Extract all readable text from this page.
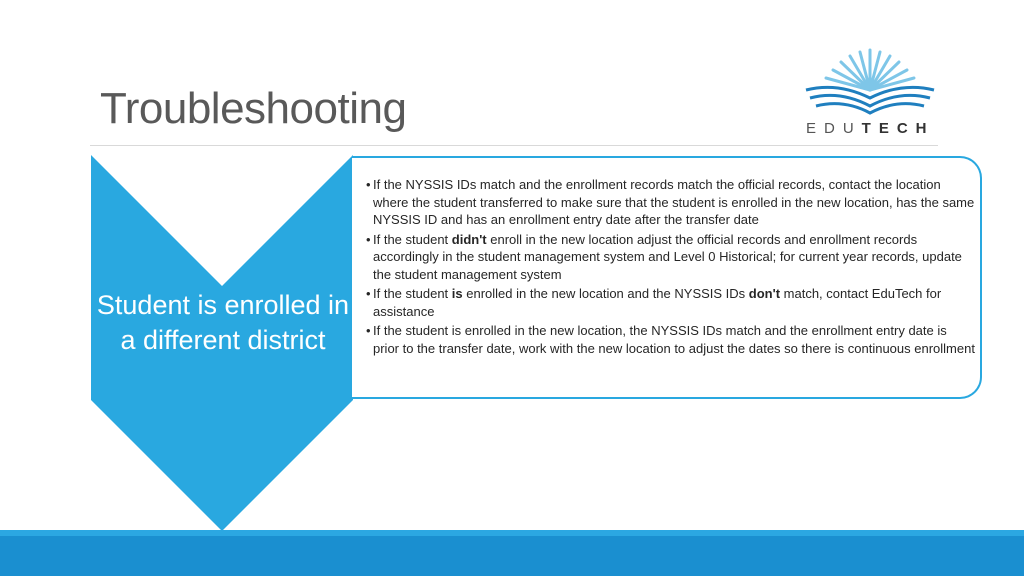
Troubleshooting	EDUTECH
Student is enrolled in a different district
• If the NYSSIS IDs match and the enrollment records match the official records, contact the location where the student transferred to make sure that the student is enrolled in the new location, has the same NYSSIS ID and has an enrollment entry date after the transfer date
• If the student didn't enroll in the new location adjust the official records and enrollment records accordingly in the student management system and Level 0 Historical; for current year records, update the student management system
• If the student is enrolled in the new location and the NYSSIS IDs don't match, contact EduTech for assistance
• If the student is enrolled in the new location, the NYSSIS IDs match and the enrollment entry date is prior to the transfer date, work with the new location to adjust the dates so there is continuous enrollment
